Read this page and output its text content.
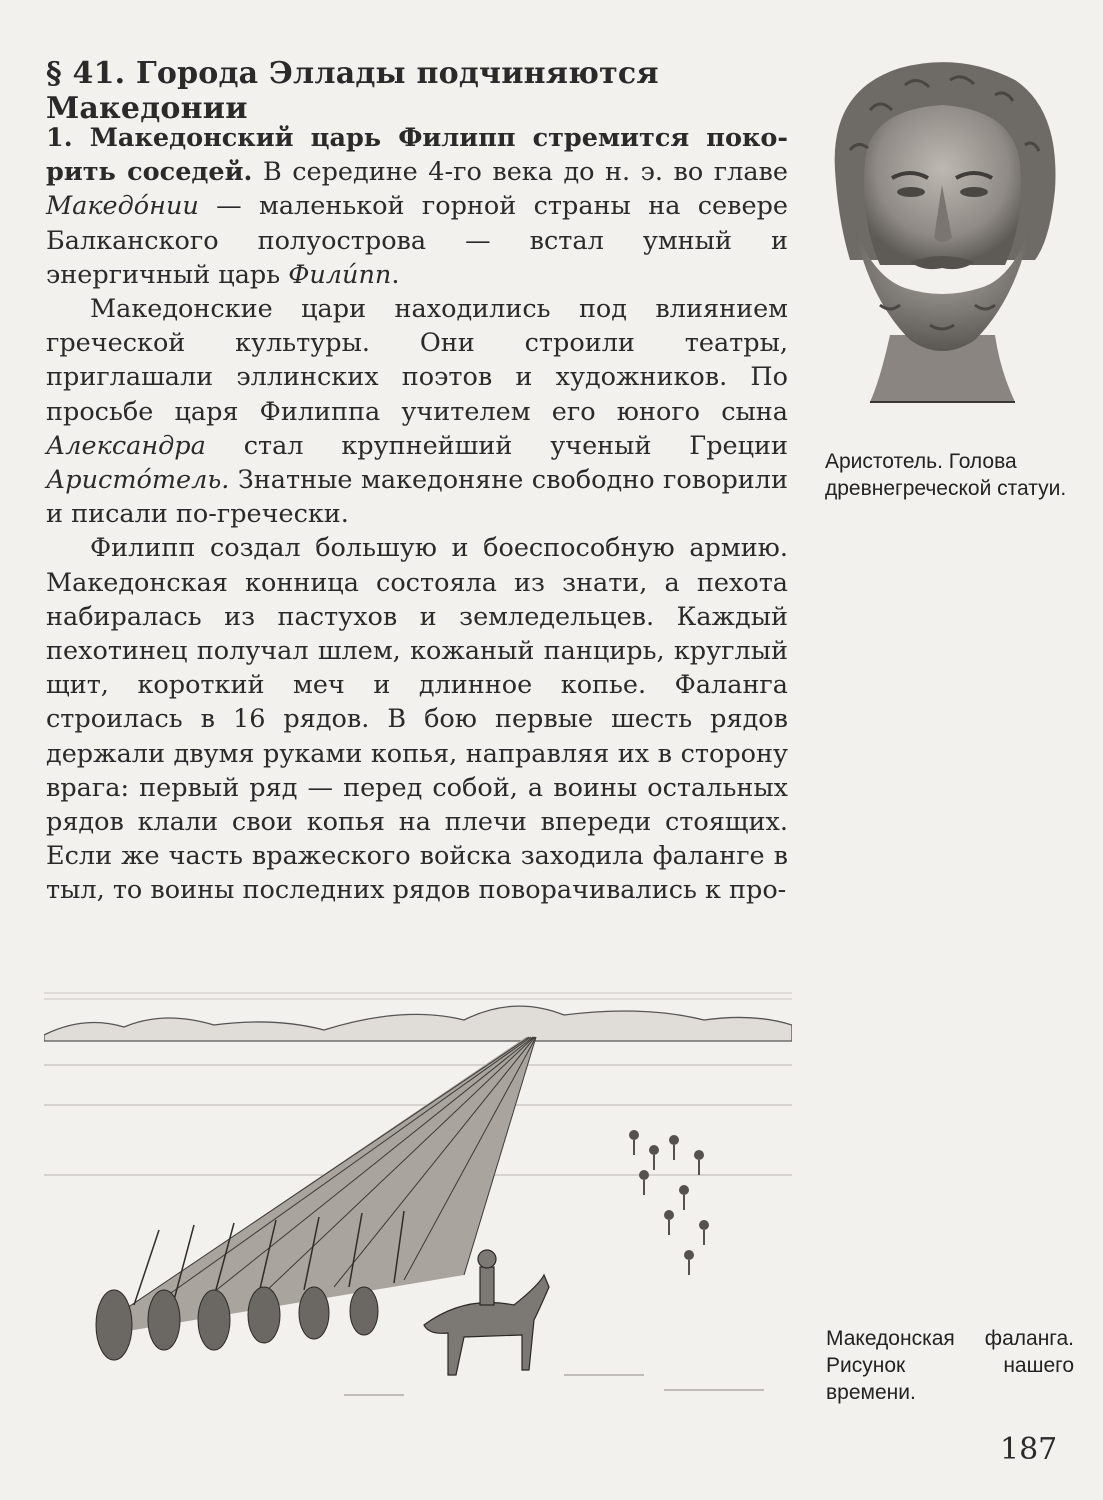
§ 41. Города Эллады подчиняются Македонии

1. Македонский царь Филипп стремится покорить соседей. В середине 4-го века до н. э. во главе Македо́нии — маленькой горной страны на севере Балканского полуострова — встал умный и энергичный царь Фили́пп.

Македонские цари находились под влиянием греческой культуры. Они строили театры, приглашали эллинских поэтов и художников. По просьбе царя Филиппа учителем его юного сына Александра стал крупнейший ученый Греции Аристо́тель. Знатные македоняне свободно говорили и писали по-гречески.

Филипп создал большую и боеспособную армию. Македонская конница состояла из знати, а пехота набиралась из пастухов и земледельцев. Каждый пехотинец получал шлем, кожаный панцирь, круглый щит, короткий меч и длинное копье. Фаланга строилась в 16 рядов. В бою первые шесть рядов держали двумя руками копья, направляя их в сторону врага: первый ряд — перед собой, а воины остальных рядов клали свои копья на плечи впереди стоящих. Если же часть вражеского войска заходила фаланге в тыл, то воины последних рядов поворачивались к про-

Аристотель. Голова древнегреческой статуи.
Македонская фаланга. Рисунок нашего времени.
187
